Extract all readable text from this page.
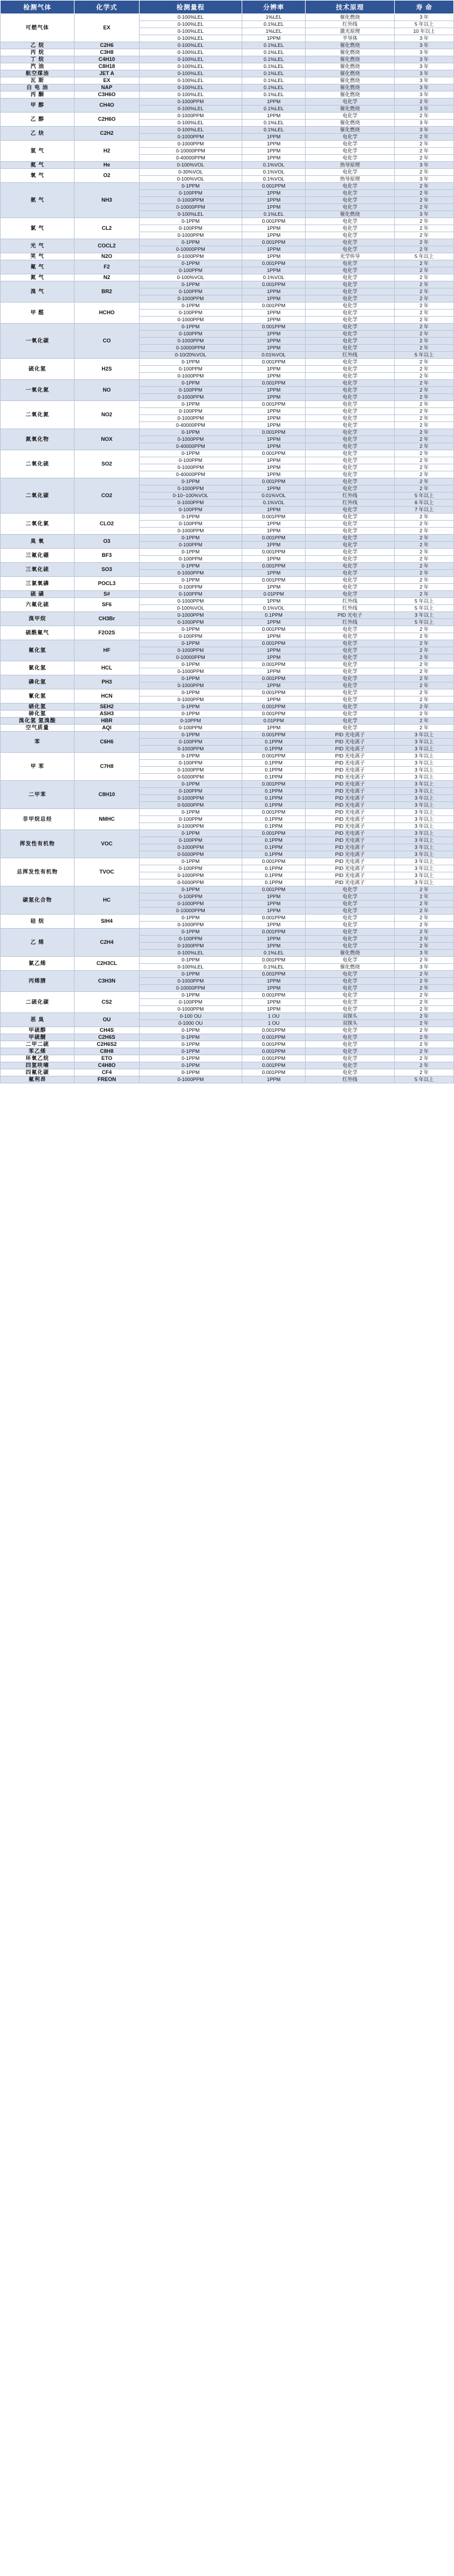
检测气体	化学式	检测量程	分辨率	技术原理	寿 命
可燃气体	EX	0-100%LEL	1%LEL	催化燃烧	3 年
		0-100%LEL	0.1%LEL	红外线	5 年以上
		0-100%LEL	1%LEL	激光原理	10 年以上
		0-100%LEL	1PPM	半导体	3 年
乙 烷	C2H6	0-100%LEL	0.1%LEL	催化燃烧	3 年
丙 烷	C3H8	0-100%LEL	0.1%LEL	催化燃烧	3 年
丁 烷	C4H10	0-100%LEL	0.1%LEL	催化燃烧	3 年
汽 油	C8H18	0-100%LEL	0.1%LEL	催化燃烧	3 年
航空煤油	JET A	0-100%LEL	0.1%LEL	催化燃烧	3 年
瓦 斯	EX	0-100%LEL	0.1%LEL	催化燃烧	3 年
白 电 油	NAP	0-100%LEL	0.1%LEL	催化燃烧	3 年
丙 酮	C3H6O	0-100%LEL	0.1%LEL	催化燃烧	3 年
甲 醇	CH4O	0-1000PPM	1PPM	电化学	2 年
		0-100%LEL	0.1%LEL	催化燃烧	3 年
乙 醇	C2H6O	0-1000PPM	1PPM	电化学	2 年
		0-100%LEL	0.1%LEL	催化燃烧	3 年
乙 炔	C2H2	0-100%LEL	0.1%LEL	催化燃烧	3 年
		0-1000PPM	1PPM	电化学	2 年
氢 气	H2	0-1000PPM	1PPM	电化学	2 年
		0-10000PPM	1PPM	电化学	2 年
		0-40000PPM	1PPM	电化学	2 年
氦 气	He	0-100%VOL	0.1%VOL	热导原理	3 年
氧 气	O2	0-30%VOL	0.1%VOL	电化学	2 年
		0-100%VOL	0.1%VOL	热导原理	3 年
氨 气	NH3	0-1PPM	0.001PPM	电化学	2 年
		0-100PPM	1PPM	电化学	2 年
		0-1000PPM	1PPM	电化学	2 年
		0-10000PPM	1PPM	电化学	2 年
		0-100%LEL	0.1%LEL	催化燃烧	3 年
氯 气	CL2	0-1PPM	0.001PPM	电化学	2 年
		0-100PPM	1PPM	电化学	2 年
		0-1000PPM	1PPM	电化学	2 年
光 气	COCL2	0-1PPM	0.001PPM	电化学	2 年
		0-10000PPM	1PPM	电化学	2 年
笑 气	N2O	0-1000PPM	1PPM	光学传导	5 年以上
氟 气	F2	0-1PPM	0.001PPM	电化学	2 年
		0-100PPM	1PPM	电化学	2 年
氮 气	N2	0-100%VOL	0.1%VOL	电化学	2 年
溴 气	BR2	0-1PPM	0.001PPM	电化学	2 年
		0-100PPM	1PPM	电化学	2 年
		0-1000PPM	1PPM	电化学	2 年
甲 醛	HCHO	0-1PPM	0.001PPM	电化学	2 年
		0-100PPM	1PPM	电化学	2 年
		0-1000PPM	1PPM	电化学	2 年
一氧化碳	CO	0-1PPM	0.001PPM	电化学	2 年
		0-100PPM	1PPM	电化学	2 年
		0-1000PPM	1PPM	电化学	2 年
		0-10000PPM	1PPM	电化学	2 年
		0-10/20%VOL	0.01%VOL	红外线	5 年以上
硫化氢	H2S	0-1PPM	0.001PPM	电化学	2 年
		0-100PPM	1PPM	电化学	2 年
		0-1000PPM	1PPM	电化学	2 年
一氧化氮	NO	0-1PPM	0.001PPM	电化学	2 年
		0-100PPM	1PPM	电化学	2 年
		0-1000PPM	1PPM	电化学	2 年
二氧化氮	NO2	0-1PPM	0.001PPM	电化学	2 年
		0-100PPM	1PPM	电化学	2 年
		0-1000PPM	1PPM	电化学	2 年
		0-40000PPM	1PPM	电化学	2 年
氮氧化物	NOX	0-1PPM	0.001PPM	电化学	2 年
		0-1000PPM	1PPM	电化学	2 年
		0-40000PPM	1PPM	电化学	2 年
二氧化硫	SO2	0-1PPM	0.001PPM	电化学	2 年
		0-100PPM	1PPM	电化学	2 年
		0-1000PPM	1PPM	电化学	2 年
		0-40000PPM	1PPM	电化学	2 年
二氧化碳	CO2	0-1PPM	0.001PPM	电化学	2 年
		0-1000PPM	1PPM	电化学	2 年
		0-10~100%VOL	0.01%VOL	红外线	5 年以上
		0-1000PPM	0.1%VOL	红外线	6 年以上
		0-100PPM	1PPM	电化学	7 年以上
二氧化氯	CLO2	0-1PPM	0.001PPM	电化学	2 年
		0-100PPM	1PPM	电化学	2 年
		0-1000PPM	1PPM	电化学	2 年
臭 氧	O3	0-1PPM	0.001PPM	电化学	2 年
		0-100PPM	1PPM	电化学	2 年
三氟化硼	BF3	0-1PPM	0.001PPM	电化学	2 年
		0-100PPM	1PPM	电化学	2 年
三氧化硫	SO3	0-1PPM	0.001PPM	电化学	2 年
		0-1000PPM	1PPM	电化学	2 年
三氯氧磷	POCL3	0-1PPM	0.001PPM	电化学	2 年
		0-100PPM	1PPM	电化学	2 年
硫 磺	S#	0-100PPM	0.01PPM	电化学	2 年
六氟化硫	SF6	0-1000PPM	1PPM	红外线	5 年以上
		0-100%VOL	0.1%VOL	红外线	5 年以上
溴甲烷	CH3Br	0-1000PPM	0.1PPM	PID 光电子	3 年以上
		0-1000PPM	1PPM	红外线	5 年以上
硫酰氟气	F2O2S	0-1PPM	0.001PPM	电化学	2 年
		0-100PPM	1PPM	电化学	2 年
氟化氢	HF	0-1PPM	0.001PPM	电化学	2 年
		0-1000PPM	1PPM	电化学	2 年
		0-10000PPM	1PPM	电化学	2 年
氯化氢	HCL	0-1PPM	0.001PPM	电化学	2 年
		0-1000PPM	1PPM	电化学	2 年
磷化氢	PH3	0-1PPM	0.001PPM	电化学	2 年
		0-1000PPM	1PPM	电化学	2 年
氰化氢	HCN	0-1PPM	0.001PPM	电化学	2 年
		0-1000PPM	1PPM	电化学	2 年
硒化氢	SEH2	0-1PPM	0.001PPM	电化学	2 年
砷化氢	ASH3	0-1PPM	0.001PPM	电化学	2 年
溴化氢 氢溴酸	HBR	0-10PPM	0.01PPM	电化学	2 年
空气质量	AQI	0-100PPM	1PPM	电化学	2 年
苯	C6H6	0-1PPM	0.001PPM	PID 光电离子	3 年以上
		0-100PPM	0.1PPM	PID 光电离子	3 年以上
		0-1000PPM	0.1PPM	PID 光电离子	3 年以上
甲 苯	C7H8	0-1PPM	0.001PPM	PID 光电离子	3 年以上
		0-100PPM	0.1PPM	PID 光电离子	3 年以上
		0-1000PPM	0.1PPM	PID 光电离子	3 年以上
		0-5000PPM	0.1PPM	PID 光电离子	3 年以上
二甲苯	C8H10	0-1PPM	0.001PPM	PID 光电离子	3 年以上
		0-100PPM	0.1PPM	PID 光电离子	3 年以上
		0-1000PPM	0.1PPM	PID 光电离子	3 年以上
		0-5000PPM	0.1PPM	PID 光电离子	3 年以上
非甲烷总烃	NMHC	0-1PPM	0.001PPM	PID 光电离子	3 年以上
		0-100PPM	0.1PPM	PID 光电离子	3 年以上
		0-1000PPM	0.1PPM	PID 光电离子	3 年以上
挥发性有机物	VOC	0-1PPM	0.001PPM	PID 光电离子	3 年以上
		0-100PPM	0.1PPM	PID 光电离子	3 年以上
		0-1000PPM	0.1PPM	PID 光电离子	3 年以上
		0-5000PPM	0.1PPM	PID 光电离子	3 年以上
总挥发性有机物	TVOC	0-1PPM	0.001PPM	PID 光电离子	3 年以上
		0-100PPM	0.1PPM	PID 光电离子	3 年以上
		0-1000PPM	0.1PPM	PID 光电离子	3 年以上
		0-5000PPM	0.1PPM	PID 光电离子	3 年以上
碳氢化合物	HC	0-1PPM	0.001PPM	电化学	2 年
		0-100PPM	1PPM	电化学	2 年
		0-1000PPM	1PPM	电化学	2 年
		0-10000PPM	1PPM	电化学	2 年
硅 烷	SIH4	0-1PPM	0.001PPM	电化学	2 年
		0-1000PPM	1PPM	电化学	2 年
乙 烯	C2H4	0-1PPM	0.001PPM	电化学	2 年
		0-100PPM	1PPM	电化学	2 年
		0-1000PPM	1PPM	电化学	2 年
		0-100%LEL	0.1%LEL	催化燃烧	3 年
氯乙烯	C2H3CL	0-1PPM	0.001PPM	电化学	2 年
		0-100%LEL	0.1%LEL	催化燃烧	3 年
丙烯腈	C3H3N	0-1PPM	0.001PPM	电化学	2 年
		0-1000PPM	1PPM	电化学	2 年
		0-10000PPM	1PPM	电化学	2 年
二硫化碳	CS2	0-1PPM	0.001PPM	电化学	2 年
		0-100PPM	1PPM	电化学	2 年
		0-1000PPM	1PPM	电化学	2 年
恶 臭	OU	0-100 OU	1 OU	双探头	2 年
		0-1000 OU	1 OU	双探头	2 年
甲硫醇	CH4S	0-1PPM	0.001PPM	电化学	2 年
甲硫醚	C2H6S	0-1PPM	0.001PPM	电化学	2 年
二甲二硫	C2H6S2	0-1PPM	0.001PPM	电化学	2 年
苯乙烯	C8H8	0-1PPM	0.001PPM	电化学	2 年
环氧乙烷	ETO	0-1PPM	0.001PPM	电化学	2 年
四氢呋喃	C4H8O	0-1PPM	0.001PPM	电化学	2 年
四氟化碳	CF4	0-1PPM	0.001PPM	电化学	2 年
氟利昂	FREON	0-1000PPM	1PPM	红外线	5 年以上
